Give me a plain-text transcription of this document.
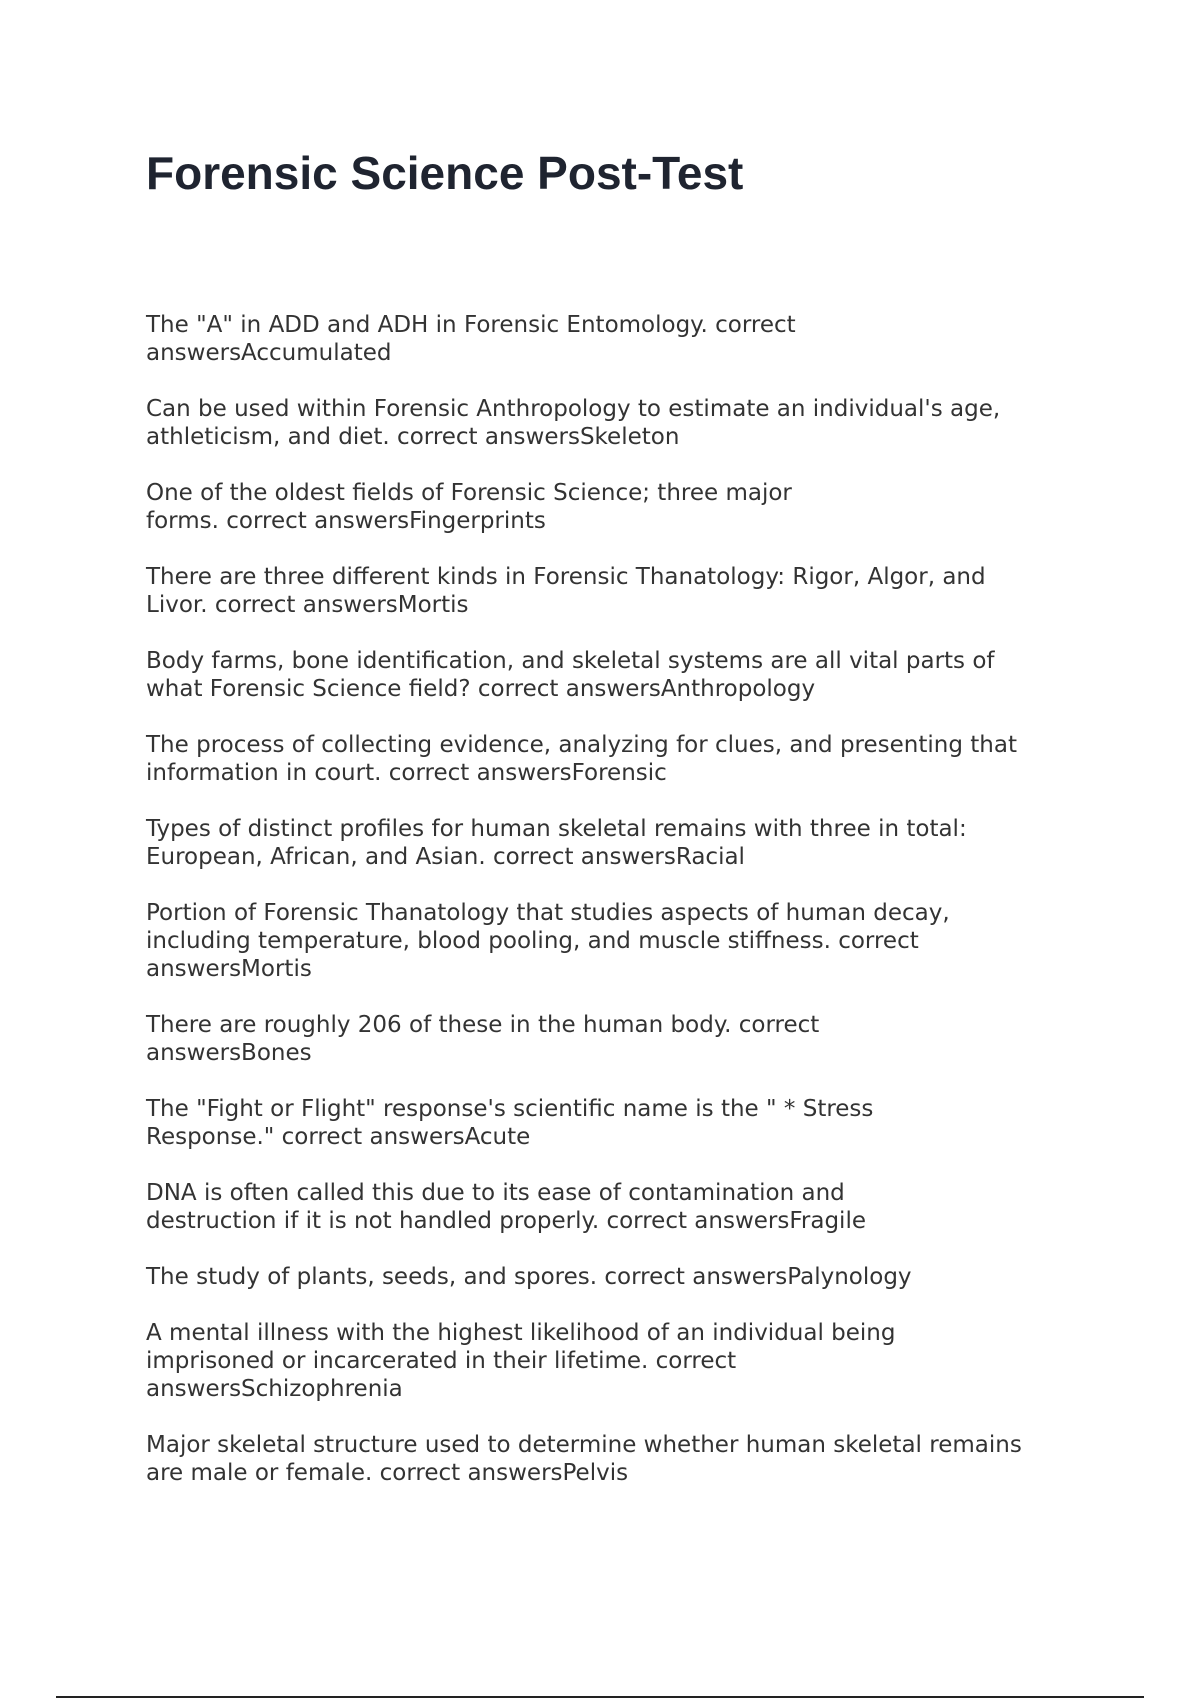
Forensic Science Post-Test
The "A" in ADD and ADH in Forensic Entomology. correct
answersAccumulated
Can be used within Forensic Anthropology to estimate an individual's age,
athleticism, and diet. correct answersSkeleton
One of the oldest fields of Forensic Science; three major
forms. correct answersFingerprints
There are three different kinds in Forensic Thanatology: Rigor, Algor, and
Livor. correct answersMortis
Body farms, bone identification, and skeletal systems are all vital parts of
what Forensic Science field? correct answersAnthropology
The process of collecting evidence, analyzing for clues, and presenting that
information in court. correct answersForensic
Types of distinct profiles for human skeletal remains with three in total:
European, African, and Asian. correct answersRacial
Portion of Forensic Thanatology that studies aspects of human decay,
including temperature, blood pooling, and muscle stiffness. correct
answersMortis
There are roughly 206 of these in the human body. correct
answersBones
The "Fight or Flight" response's scientific name is the " * Stress
Response." correct answersAcute
DNA is often called this due to its ease of contamination and
destruction if it is not handled properly. correct answersFragile
The study of plants, seeds, and spores. correct answersPalynology
A mental illness with the highest likelihood of an individual being
imprisoned or incarcerated in their lifetime. correct
answersSchizophrenia
Major skeletal structure used to determine whether human skeletal remains
are male or female. correct answersPelvis
